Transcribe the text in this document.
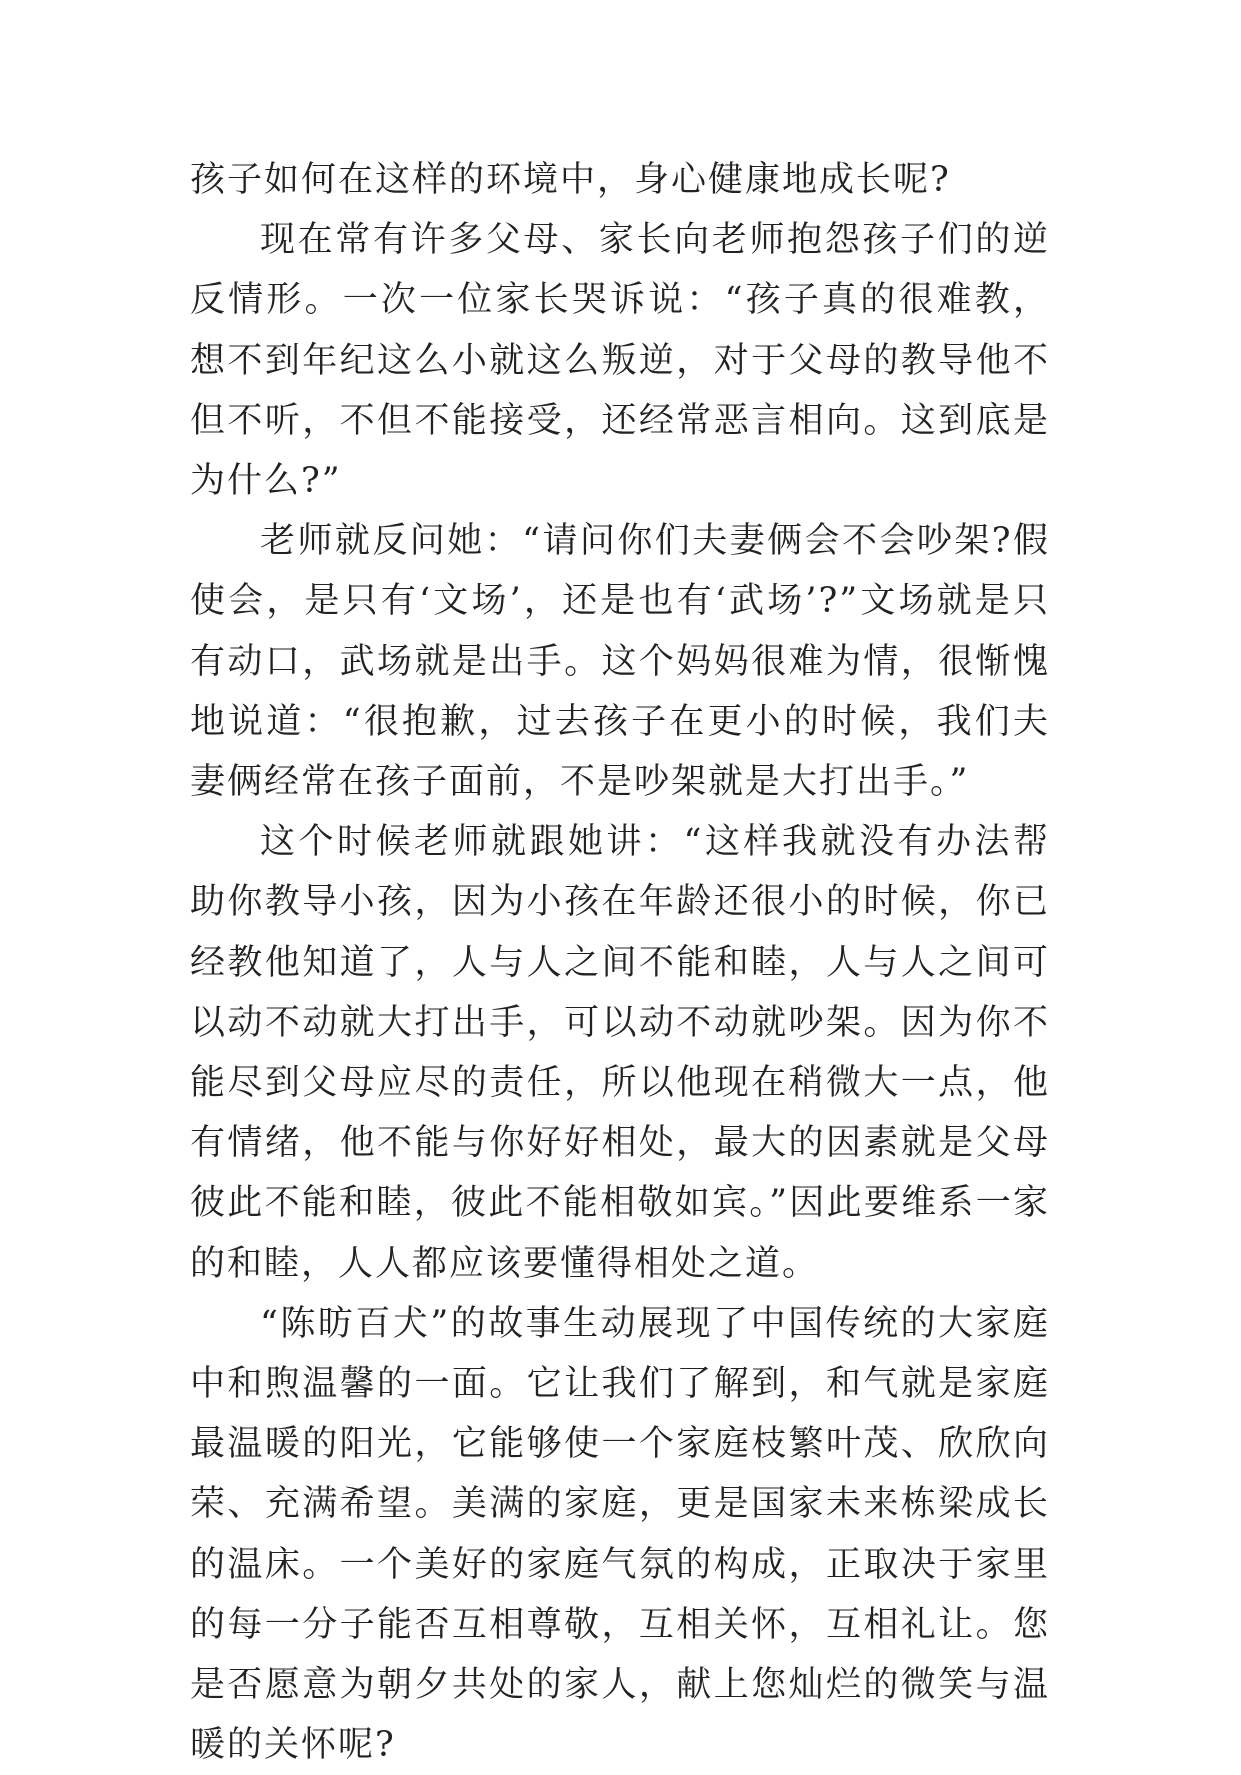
孩子如何在这样的环境中，身心健康地成长呢?

现在常有许多父母、家长向老师抱怨孩子们的逆反情形。一次一位家长哭诉说：“孩子真的很难教，想不到年纪这么小就这么叛逆，对于父母的教导他不但不听，不但不能接受，还经常恶言相向。这到底是为什么?”

老师就反问她：“请问你们夫妻俩会不会吵架?假使会，是只有‘文场’，还是也有‘武场’?”文场就是只有动口，武场就是出手。这个妈妈很难为情，很惭愧地说道：“很抱歉，过去孩子在更小的时候，我们夫妻俩经常在孩子面前，不是吵架就是大打出手。”

这个时候老师就跟她讲：“这样我就没有办法帮助你教导小孩，因为小孩在年龄还很小的时候，你已经教他知道了，人与人之间不能和睦，人与人之间可以动不动就大打出手，可以动不动就吵架。因为你不能尽到父母应尽的责任，所以他现在稍微大一点，他有情绪，他不能与你好好相处，最大的因素就是父母彼此不能和睦，彼此不能相敬如宾。”因此要维系一家的和睦，人人都应该要懂得相处之道。

“陈昉百犬”的故事生动展现了中国传统的大家庭中和煦温馨的一面。它让我们了解到，和气就是家庭最温暖的阳光，它能够使一个家庭枝繁叶茂、欣欣向荣、充满希望。美满的家庭，更是国家未来栋梁成长的温床。一个美好的家庭气氛的构成，正取决于家里的每一分子能否互相尊敬，互相关怀，互相礼让。您是否愿意为朝夕共处的家人，献上您灿烂的微笑与温暖的关怀呢?
